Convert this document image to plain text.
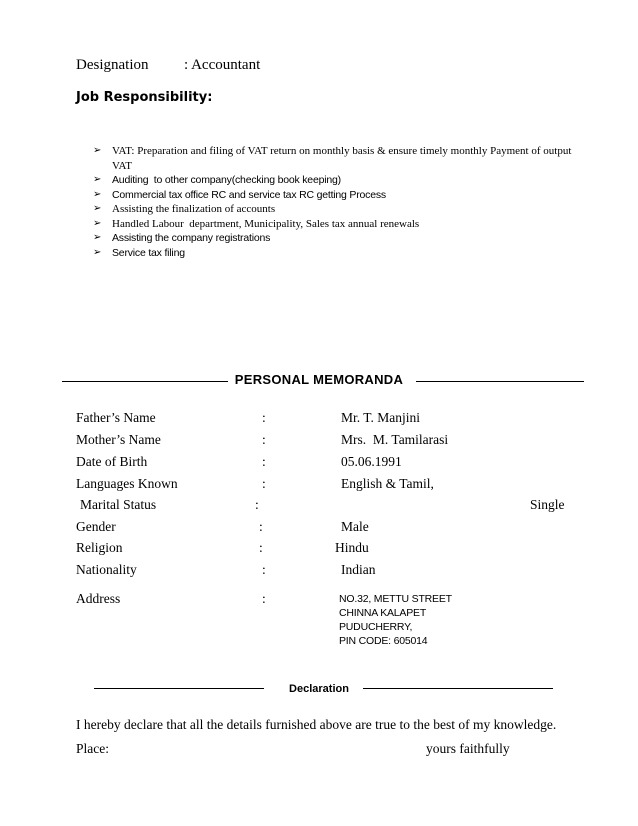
Designation : Accountant
Job Responsibility:
➢ VAT: Preparation and filing of VAT return on monthly basis & ensure timely monthly Payment of output VAT
➢ Auditing  to other company(checking book keeping)
➢ Commercial tax office RC and service tax RC getting Process
➢ Assisting the finalization of accounts
➢ Handled Labour  department, Municipality, Sales tax annual renewals
➢ Assisting the company registrations
➢ Service tax filing
PERSONAL MEMORANDA
Father’s Name	:	Mr. T. Manjini
Mother’s Name	:	Mrs.  M. Tamilarasi
Date of Birth	:	05.06.1991
Languages Known	:	English & Tamil,
Marital Status	:	Single
Gender	:	Male
Religion	:	Hindu
Nationality	:	Indian
Address	:	NO.32, METTU STREET
CHINNA KALAPET
PUDUCHERRY,
PIN CODE: 605014
Declaration
I hereby declare that all the details furnished above are true to the best of my knowledge.
Place:	yours faithfully
